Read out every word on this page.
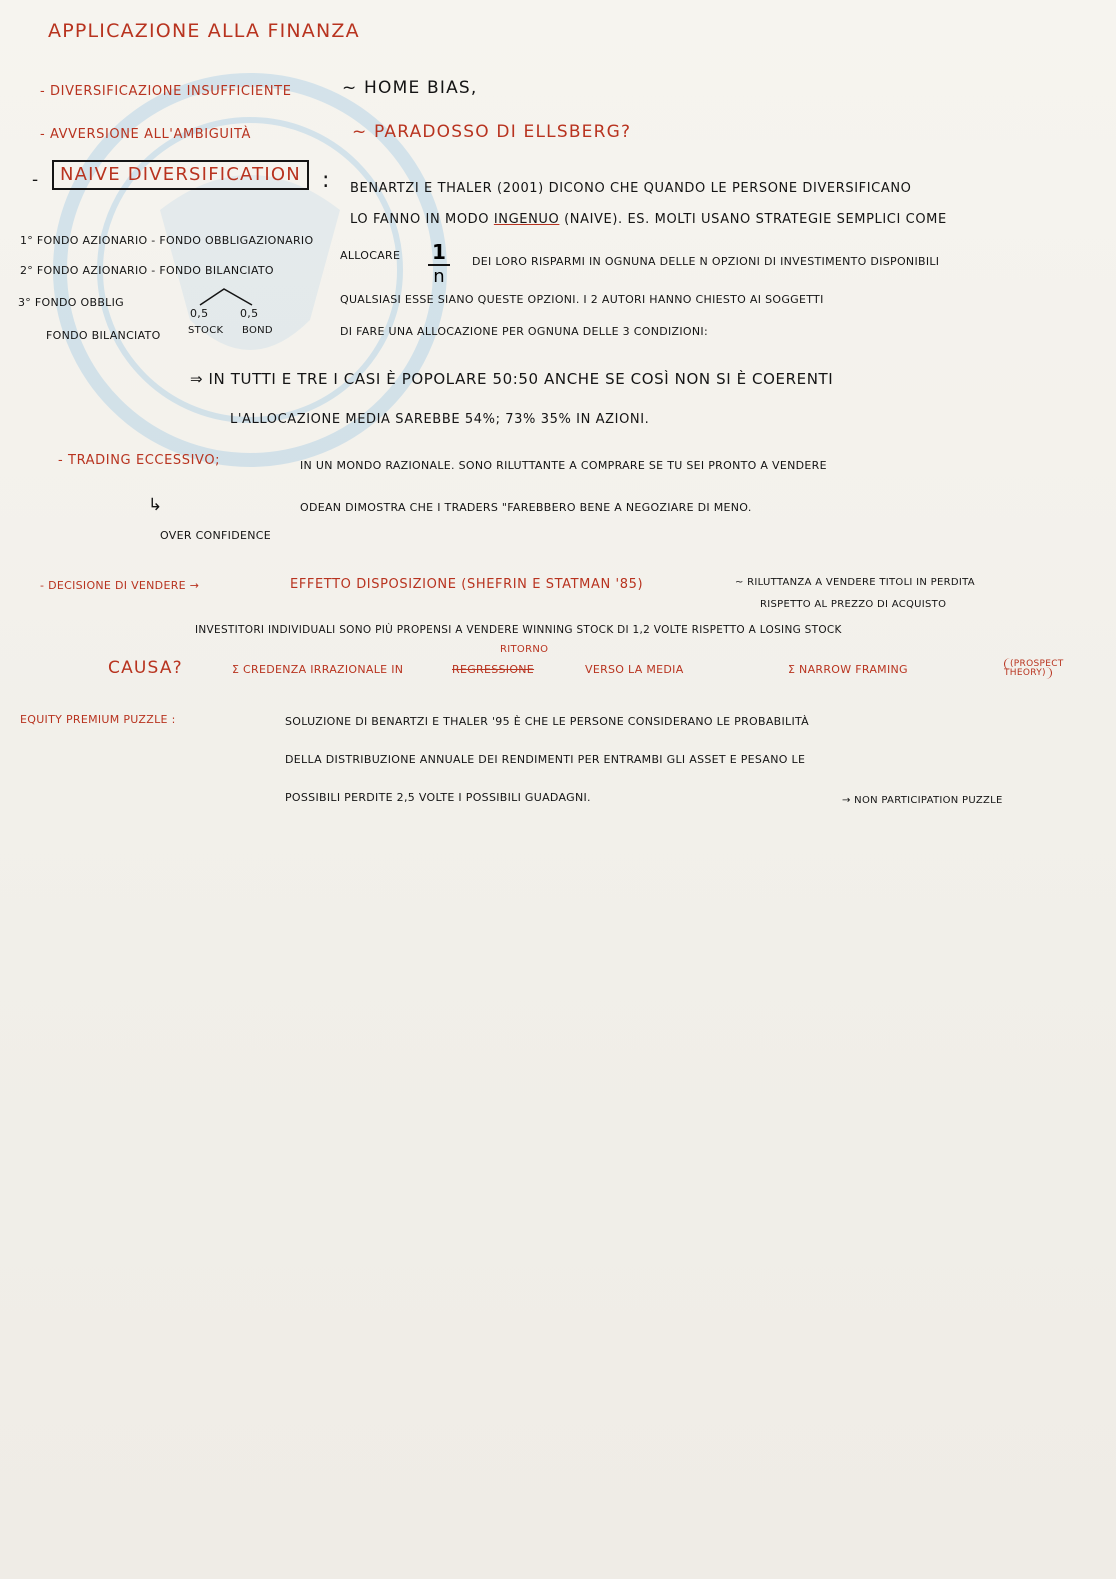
APPLICAZIONE ALLA FINANZA
- DIVERSIFICAZIONE INSUFFICIENTE	~ HOME BIAS,
- AVVERSIONE ALL'AMBIGUITÀ	~ PARADOSSO DI ELLSBERG?
-	NAIVE DIVERSIFICATION : BENARTZI E THALER (2001) DICONO CHE QUANDO LE PERSONE DIVERSIFICANO
LO FANNO IN MODO INGENUO (NAIVE). ES. MOLTI USANO STRATEGIE SEMPLICI COME
ALLOCARE $\frac{1}{n}$ DEI LORO RISPARMI IN OGNUNA DELLE N OPZIONI DI INVESTIMENTO DISPONIBILI
QUALSIASI ESSE SIANO QUESTE OPZIONI. I 2 AUTORI HANNO CHIESTO AI SOGGETTI
DI FARE UNA ALLOCAZIONE PER OGNUNA DELLE 3 CONDIZIONI:
⇒ IN TUTTI E TRE I CASI È POPOLARE 50:50 ANCHE SE COSÌ NON SI È COERENTI
L'ALLOCAZIONE MEDIA SAREBBE 54%; 73% 35% IN AZIONI.
1° FONDO AZIONARIO - FONDO OBBLIGAZIONARIO
2° FONDO AZIONARIO - FONDO BILANCIATO
3° FONDO OBBLIG
FONDO BILANCIATO
0,5	0,5
STOCK BOND
- TRADING ECCESSIVO;	IN UN MONDO RAZIONALE. SONO RILUTTANTE A COMPRARE SE TU SEI PRONTO A VENDERE
↳	ODEAN DIMOSTRA CHE I TRADERS "FAREBBERO BENE A NEGOZIARE DI MENO.
OVER CONFIDENCE
- DECISIONE DI VENDERE →	EFFETTO DISPOSIZIONE (SHEFRIN E STATMAN '85)	~ RILUTTANZA A VENDERE TITOLI IN PERDITA
RISPETTO AL PREZZO DI ACQUISTO
INVESTITORI INDIVIDUALI SONO PIÙ PROPENSI A VENDERE WINNING STOCK DI 1,2 VOLTE RISPETTO A LOSING STOCK
CAUSA?	Σ CREDENZA IRRAZIONALE IN	REGRESSIONE
RITORNO
VERSO LA MEDIA	Σ NARROW FRAMING	(PROSPECT THEORY)
EQUITY PREMIUM PUZZLE :	SOLUZIONE DI BENARTZI E THALER '95 È CHE LE PERSONE CONSIDERANO LE PROBABILITÀ
DELLA DISTRIBUZIONE ANNUALE DEI RENDIMENTI PER ENTRAMBI GLI ASSET E PESANO LE
POSSIBILI PERDITE 2,5 VOLTE I POSSIBILI GUADAGNI.	→ NON PARTICIPATION PUZZLE
